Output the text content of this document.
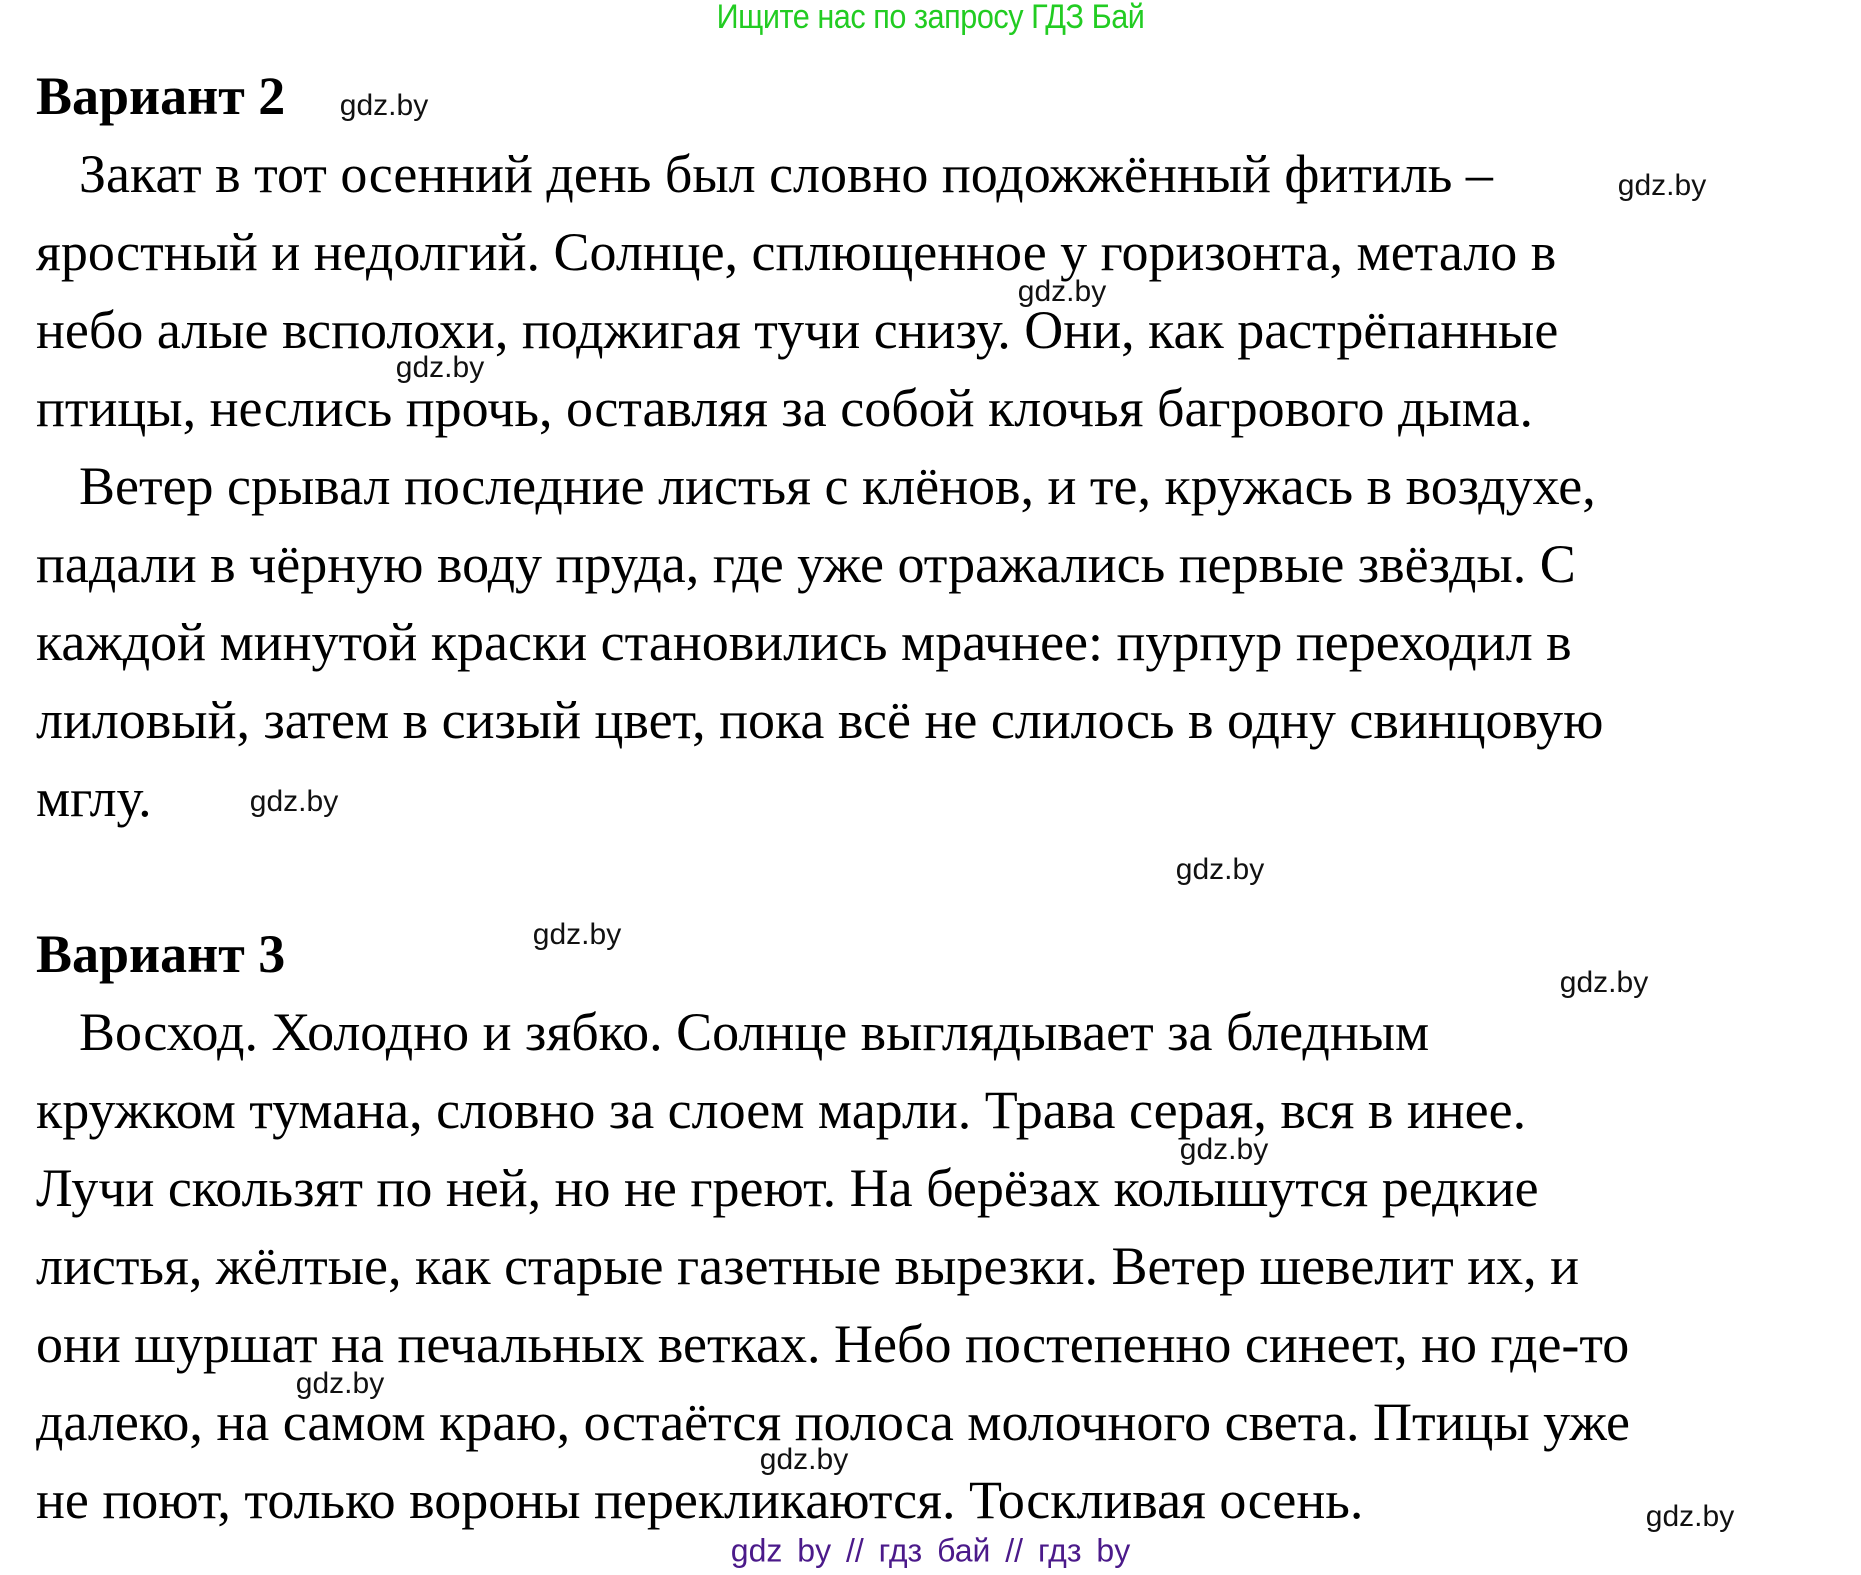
Ищите нас по запросу ГДЗ Бай
Вариант 2
Закат в тот осенний день был словно подожжённый фитиль –
яростный и недолгий. Солнце, сплющенное у горизонта, метало в
небо алые всполохи, поджигая тучи снизу. Они, как растрёпанные
птицы, неслись прочь, оставляя за собой клочья багрового дыма.
Ветер срывал последние листья с клёнов, и те, кружась в воздухе,
падали в чёрную воду пруда, где уже отражались первые звёзды. С
каждой минутой краски становились мрачнее: пурпур переходил в
лиловый, затем в сизый цвет, пока всё не слилось в одну свинцовую
мглу.
Вариант 3
Восход. Холодно и зябко. Солнце выглядывает за бледным
кружком тумана, словно за слоем марли. Трава серая, вся в инее.
Лучи скользят по ней, но не греют. На берёзах колышутся редкие
листья, жёлтые, как старые газетные вырезки. Ветер шевелит их, и
они шуршат на печальных ветках. Небо постепенно синеет, но где-то
далеко, на самом краю, остаётся полоса молочного света. Птицы уже
не поют, только вороны перекликаются. Тоскливая осень.
gdz.by
gdz.by
gdz.by
gdz.by
gdz.by
gdz.by
gdz.by
gdz.by
gdz.by
gdz.by
gdz.by
gdz.by
gdz by // гдз бай // гдз by
